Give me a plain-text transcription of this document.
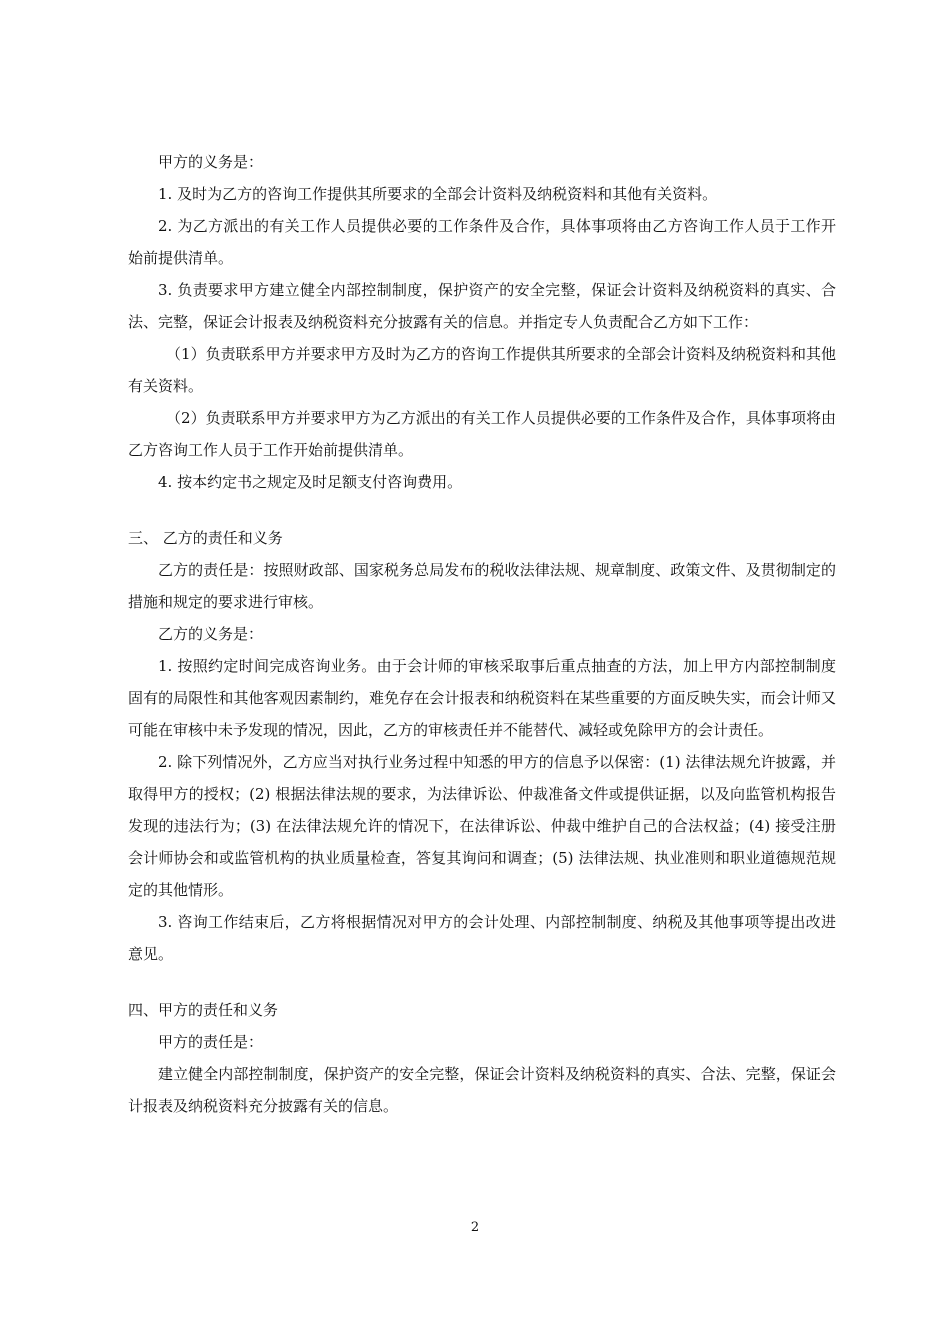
甲方的义务是：

1. 及时为乙方的咨询工作提供其所要求的全部会计资料及纳税资料和其他有关资料。

2. 为乙方派出的有关工作人员提供必要的工作条件及合作，具体事项将由乙方咨询工作人员于工作开始前提供清单。

3. 负责要求甲方建立健全内部控制制度，保护资产的安全完整，保证会计资料及纳税资料的真实、合法、完整，保证会计报表及纳税资料充分披露有关的信息。并指定专人负责配合乙方如下工作：

（1）负责联系甲方并要求甲方及时为乙方的咨询工作提供其所要求的全部会计资料及纳税资料和其他有关资料。

（2）负责联系甲方并要求甲方为乙方派出的有关工作人员提供必要的工作条件及合作，具体事项将由乙方咨询工作人员于工作开始前提供清单。

4. 按本约定书之规定及时足额支付咨询费用。

三、 乙方的责任和义务

乙方的责任是：按照财政部、国家税务总局发布的税收法律法规、规章制度、政策文件、及贯彻制定的措施和规定的要求进行审核。

乙方的义务是：

1. 按照约定时间完成咨询业务。由于会计师的审核采取事后重点抽查的方法，加上甲方内部控制制度固有的局限性和其他客观因素制约，难免存在会计报表和纳税资料在某些重要的方面反映失实，而会计师又可能在审核中未予发现的情况，因此，乙方的审核责任并不能替代、减轻或免除甲方的会计责任。

2. 除下列情况外，乙方应当对执行业务过程中知悉的甲方的信息予以保密：(1) 法律法规允许披露，并取得甲方的授权；(2) 根据法律法规的要求，为法律诉讼、仲裁准备文件或提供证据，以及向监管机构报告发现的违法行为；(3) 在法律法规允许的情况下，在法律诉讼、仲裁中维护自己的合法权益；(4) 接受注册会计师协会和或监管机构的执业质量检查，答复其询问和调查；(5) 法律法规、执业准则和职业道德规范规定的其他情形。

3. 咨询工作结束后，乙方将根据情况对甲方的会计处理、内部控制制度、纳税及其他事项等提出改进意见。

四、甲方的责任和义务

甲方的责任是：

建立健全内部控制制度，保护资产的安全完整，保证会计资料及纳税资料的真实、合法、完整，保证会计报表及纳税资料充分披露有关的信息。

2
